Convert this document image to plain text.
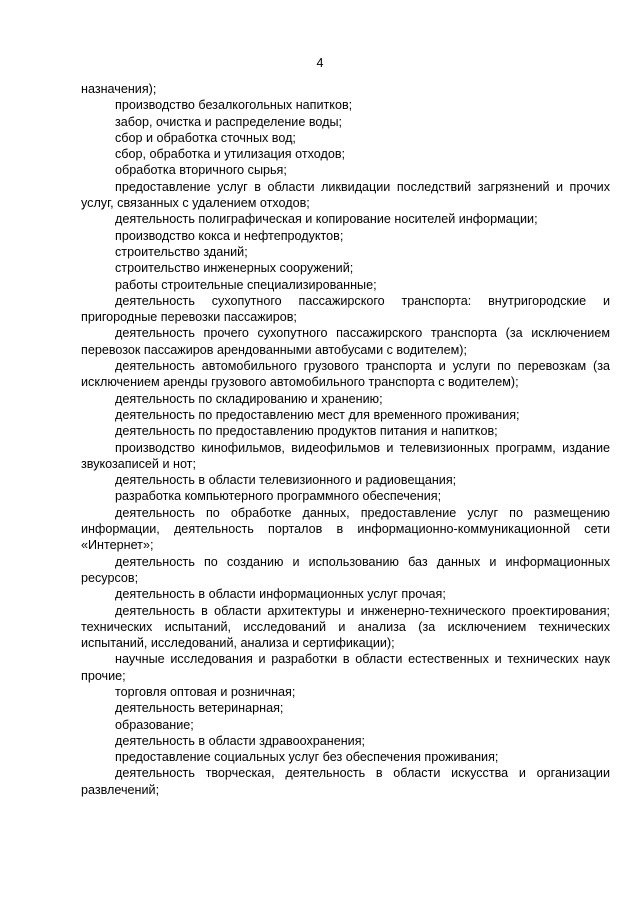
4

назначения);

производство безалкогольных напитков;

забор, очистка и распределение воды;

сбор и обработка сточных вод;

сбор, обработка и утилизация отходов;

обработка вторичного сырья;

предоставление услуг в области ликвидации последствий загрязнений и прочих услуг, связанных с удалением отходов;

деятельность полиграфическая и копирование носителей информации;

производство кокса и нефтепродуктов;

строительство зданий;

строительство инженерных сооружений;

работы строительные специализированные;

деятельность сухопутного пассажирского транспорта: внутригородские и пригородные перевозки пассажиров;

деятельность прочего сухопутного пассажирского транспорта (за исключением перевозок пассажиров арендованными автобусами с водителем);

деятельность автомобильного грузового транспорта и услуги по перевозкам (за исключением аренды грузового автомобильного транспорта с водителем);

деятельность по складированию и хранению;

деятельность по предоставлению мест для временного проживания;

деятельность по предоставлению продуктов питания и напитков;

производство кинофильмов, видеофильмов и телевизионных программ, издание звукозаписей и нот;

деятельность в области телевизионного и радиовещания;

разработка компьютерного программного обеспечения;

деятельность по обработке данных, предоставление услуг по размещению информации, деятельность порталов в информационно-коммуникационной сети «Интернет»;

деятельность по созданию и использованию баз данных и информационных ресурсов;

деятельность в области информационных услуг прочая;

деятельность в области архитектуры и инженерно-технического проектирования; технических испытаний, исследований и анализа (за исключением технических испытаний, исследований, анализа и сертификации);

научные исследования и разработки в области естественных и технических наук прочие;

торговля оптовая и розничная;

деятельность ветеринарная;

образование;

деятельность в области здравоохранения;

предоставление социальных услуг без обеспечения проживания;

деятельность творческая, деятельность в области искусства и организации развлечений;
